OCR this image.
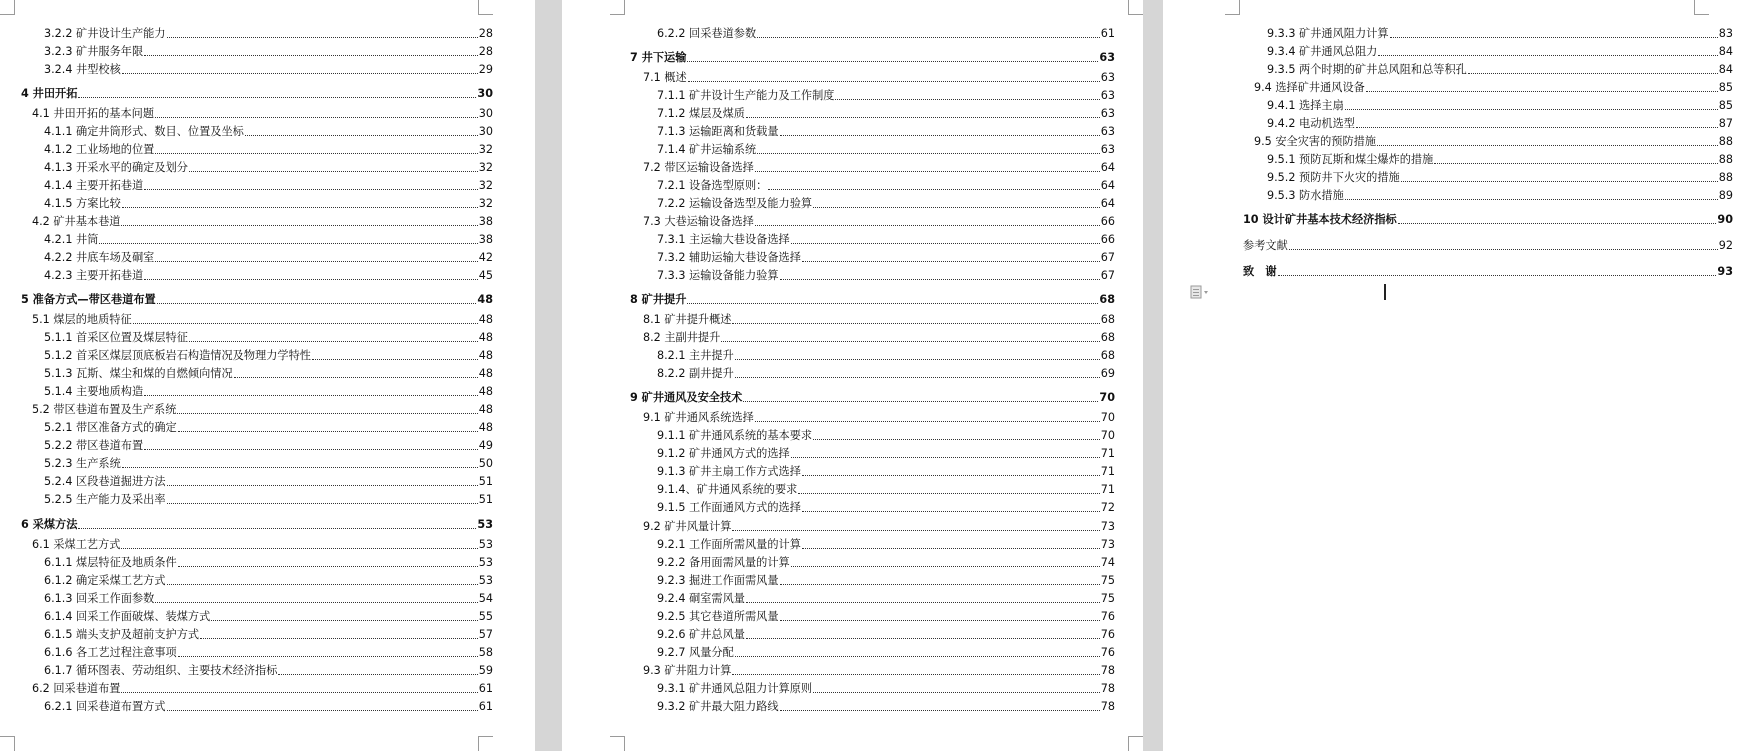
3.2.2 矿井设计生产能力	28
3.2.3 矿井服务年限	28
3.2.4 井型校核	29
4 井田开拓	30
4.1 井田开拓的基本问题	30
4.1.1 确定井筒形式、数目、位置及坐标	30
4.1.2 工业场地的位置	32
4.1.3 开采水平的确定及划分	32
4.1.4 主要开拓巷道	32
4.1.5 方案比较	32
4.2 矿井基本巷道	38
4.2.1 井筒	38
4.2.2 井底车场及硐室	42
4.2.3 主要开拓巷道	45
5 准备方式—带区巷道布置	48
5.1 煤层的地质特征	48
5.1.1 首采区位置及煤层特征	48
5.1.2 首采区煤层顶底板岩石构造情况及物理力学特性	48
5.1.3 瓦斯、煤尘和煤的自燃倾向情况	48
5.1.4 主要地质构造	48
5.2 带区巷道布置及生产系统	48
5.2.1 带区准备方式的确定	48
5.2.2 带区巷道布置	49
5.2.3 生产系统	50
5.2.4 区段巷道掘进方法	51
5.2.5 生产能力及采出率	51
6 采煤方法	53
6.1 采煤工艺方式	53
6.1.1 煤层特征及地质条件	53
6.1.2 确定采煤工艺方式	53
6.1.3 回采工作面参数	54
6.1.4 回采工作面破煤、装煤方式	55
6.1.5 端头支护及超前支护方式	57
6.1.6 各工艺过程注意事项	58
6.1.7 循环图表、劳动组织、主要技术经济指标	59
6.2 回采巷道布置	61
6.2.1 回采巷道布置方式	61
6.2.2 回采巷道参数	61
7 井下运输	63
7.1 概述	63
7.1.1 矿井设计生产能力及工作制度	63
7.1.2 煤层及煤质	63
7.1.3 运输距离和货载量	63
7.1.4 矿井运输系统	63
7.2 带区运输设备选择	64
7.2.1 设备选型原则：	64
7.2.2 运输设备选型及能力验算	64
7.3 大巷运输设备选择	66
7.3.1 主运输大巷设备选择	66
7.3.2 辅助运输大巷设备选择	67
7.3.3 运输设备能力验算	67
8 矿井提升	68
8.1 矿井提升概述	68
8.2 主副井提升	68
8.2.1 主井提升	68
8.2.2 副井提升	69
9 矿井通风及安全技术	70
9.1 矿井通风系统选择	70
9.1.1 矿井通风系统的基本要求	70
9.1.2 矿井通风方式的选择	71
9.1.3 矿井主扇工作方式选择	71
9.1.4、矿井通风系统的要求	71
9.1.5 工作面通风方式的选择	72
9.2 矿井风量计算	73
9.2.1 工作面所需风量的计算	73
9.2.2 备用面需风量的计算	74
9.2.3 掘进工作面需风量	75
9.2.4 硐室需风量	75
9.2.5 其它巷道所需风量	76
9.2.6 矿井总风量	76
9.2.7 风量分配	76
9.3 矿井阻力计算	78
9.3.1 矿井通风总阻力计算原则	78
9.3.2 矿井最大阻力路线	78
9.3.3 矿井通风阻力计算	83
9.3.4 矿井通风总阻力	84
9.3.5 两个时期的矿井总风阻和总等积孔	84
9.4 选择矿井通风设备	85
9.4.1 选择主扇	85
9.4.2 电动机选型	87
9.5 安全灾害的预防措施	88
9.5.1 预防瓦斯和煤尘爆炸的措施	88
9.5.2 预防井下火灾的措施	88
9.5.3 防水措施	89
10 设计矿井基本技术经济指标	90
参考文献	92
致　谢	93
